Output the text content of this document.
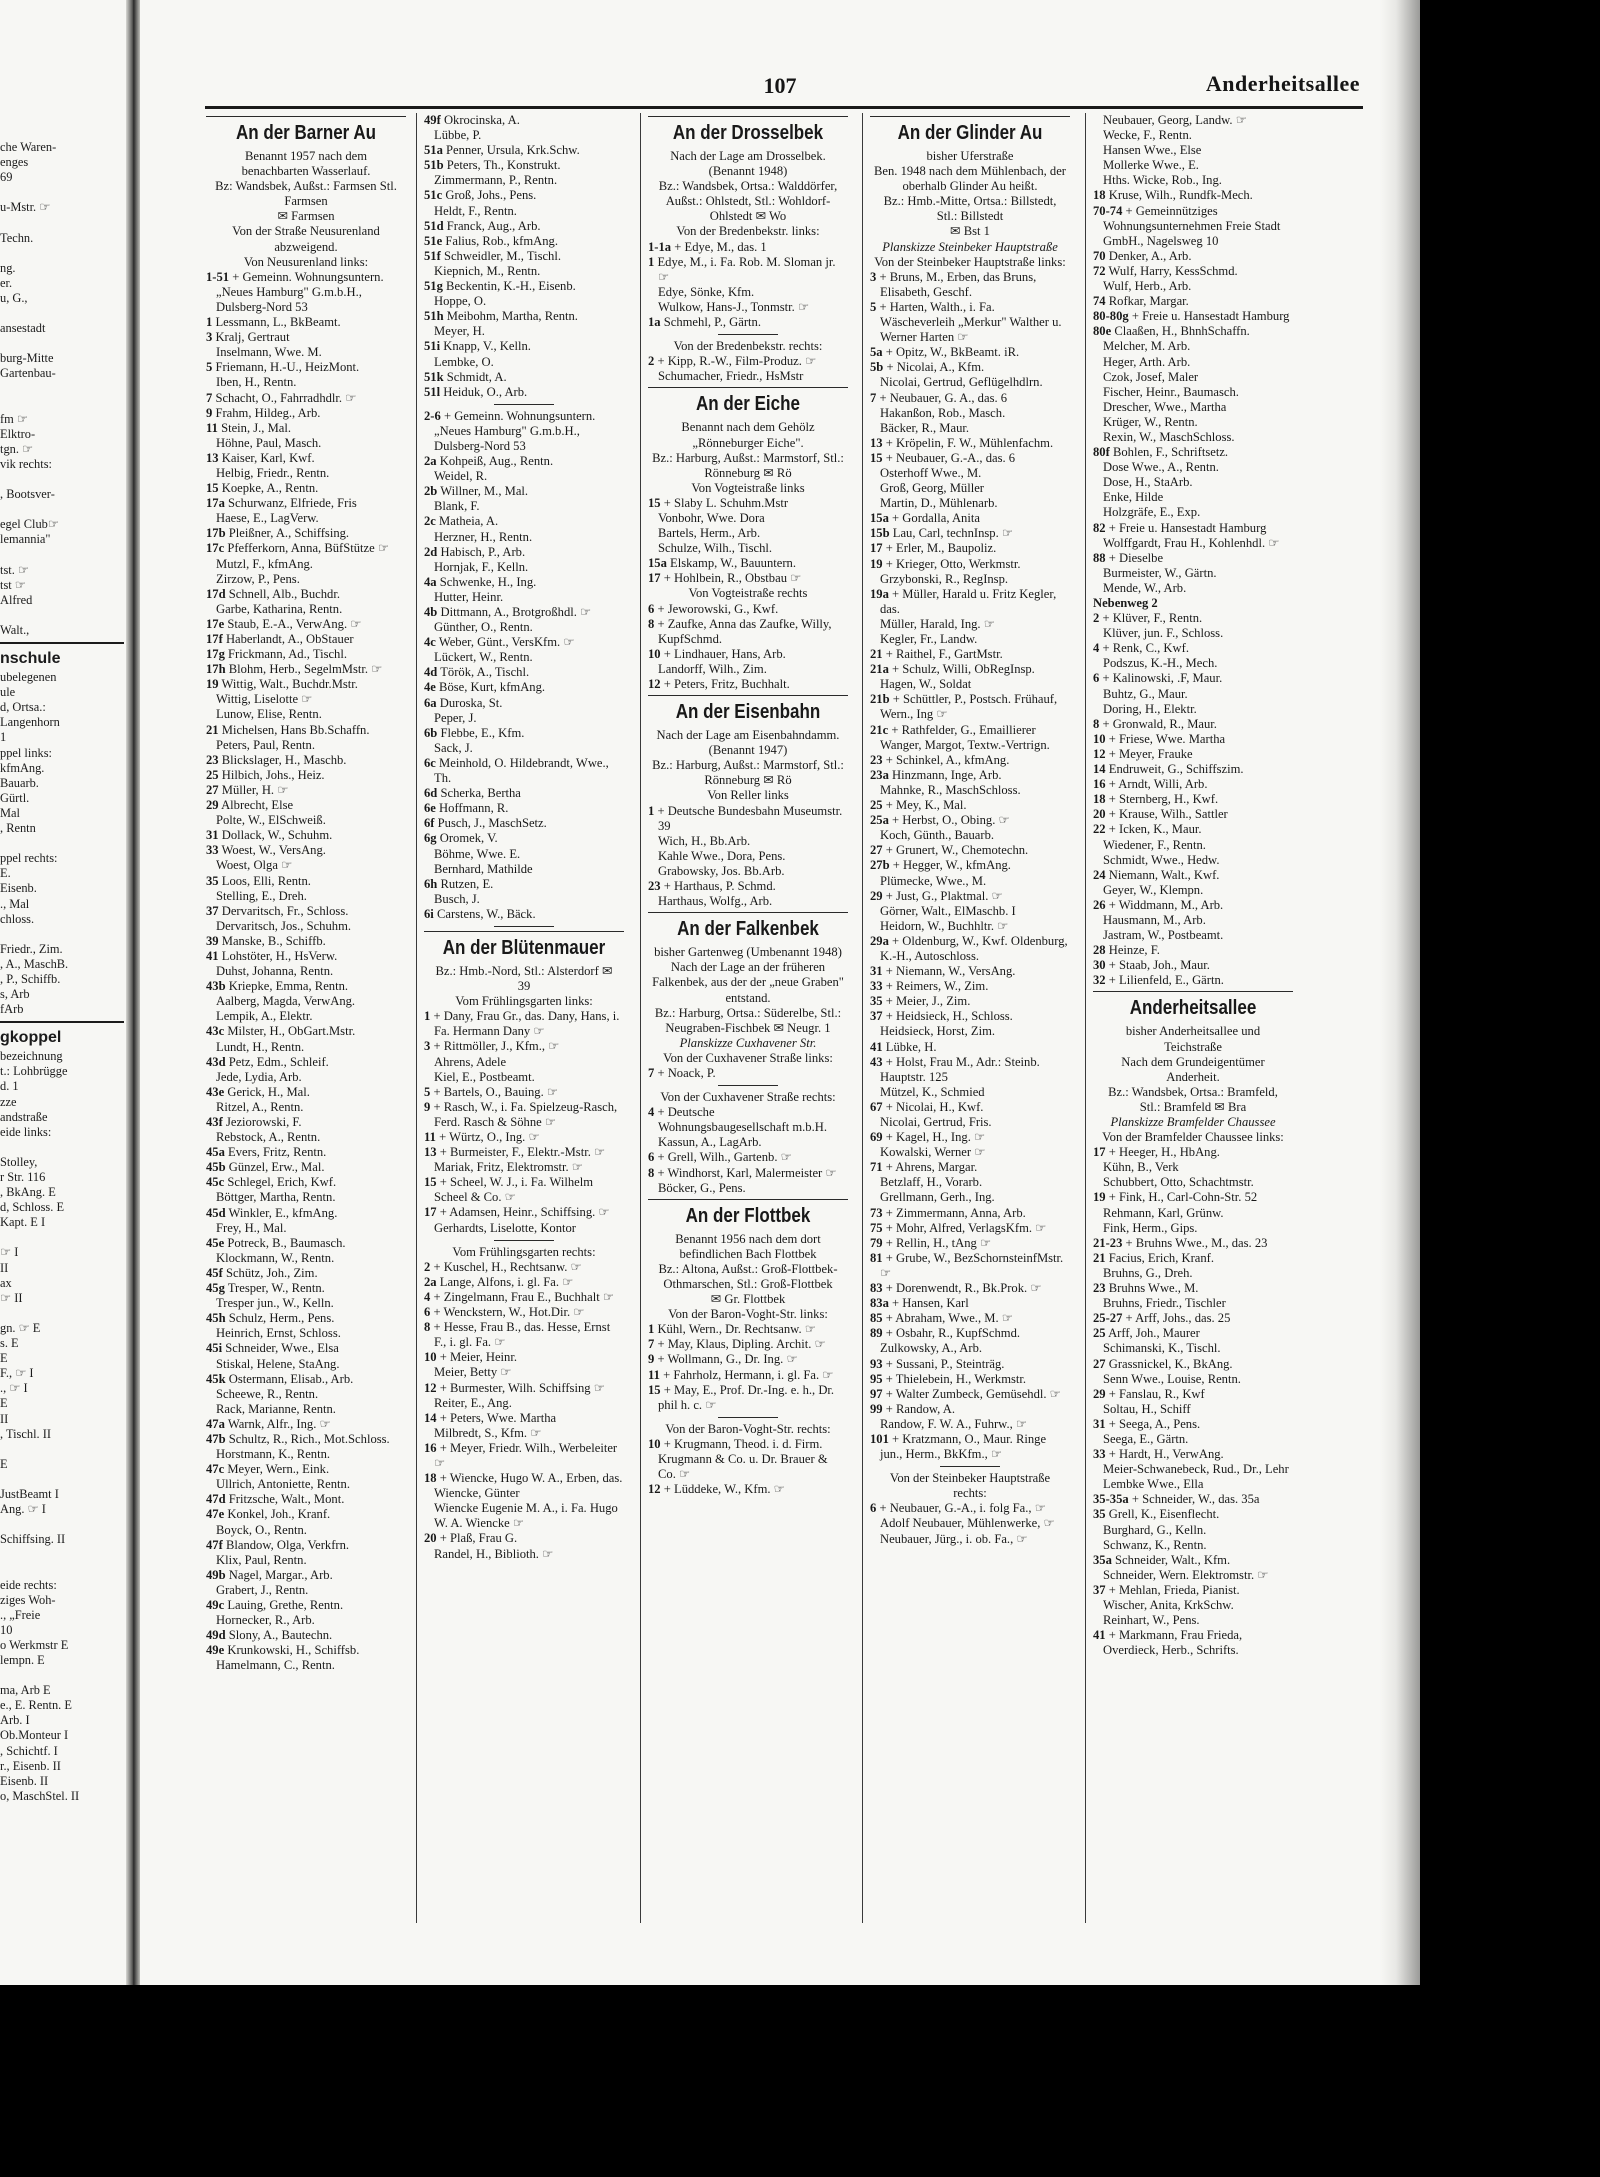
che Waren-
enges
69
u-Mstr. ☞
Techn.
ng.
er.
u, G.,
ansestadt
burg-Mitte
Gartenbau-
fm ☞
Elktro-
tgn. ☞
vik rechts:
, Bootsver-
egel Club☞
lemannia"
tst. ☞
tst ☞
Alfred
Walt.,
nschule
ubelegenen
ule
d, Ortsa.:
Langenhorn
1
ppel links:
kfmAng.
Bauarb.
Gürtl.
Mal
, Rentn
ppel rechts:
E.
Eisenb.
., Mal
chloss.
Friedr., Zim.
, A., MaschB.
, P., Schiffb.
s, Arb
fArb
gkoppel
bezeichnung
t.: Lohbrügge
d. 1
zze
andstraße
eide links:
Stolley,
r Str. 116
, BkAng. E
d, Schloss. E
Kapt. E I
☞ I
II
ax
☞ II
gn. ☞ E
s. E
E
F., ☞ I
., ☞ I
E
II
, Tischl. II
E
JustBeamt I
Ang. ☞ I
Schiffsing. II
eide rechts:
ziges Woh-
., „Freie
10
o Werkmstr E
lempn. E
ma, Arb E
e., E. Rentn. E
Arb. I
Ob.Monteur I
, Schichtf. I
r., Eisenb. II
Eisenb. II
o, MaschStel. II
107	Anderheitsallee
An der Barner Au
Benannt 1957 nach dem benachbarten Wasserlauf.
Bz: Wandsbek, Außst.: Farmsen Stl. Farmsen
✉ Farmsen
Von der Straße Neusurenland abzweigend.
Von Neusurenland links:
1-51 + Gemeinn. Wohnungsuntern. „Neues Hamburg" G.m.b.H., Dulsberg-Nord 53
1 Lessmann, L., BkBeamt.
3 Kralj, Gertraut
Inselmann, Wwe. M.
5 Friemann, H.-U., HeizMont.
Iben, H., Rentn.
7 Schacht, O., Fahrradhdlr. ☞
9 Frahm, Hildeg., Arb.
11 Stein, J., Mal.
Höhne, Paul, Masch.
13 Kaiser, Karl, Kwf.
Helbig, Friedr., Rentn.
15 Koepke, A., Rentn.
17a Schurwanz, Elfriede, Fris
Haese, E., LagVerw.
17b Pleißner, A., Schiffsing.
17c Pfefferkorn, Anna, BüfStütze ☞
Mutzl, F., kfmAng.
Zirzow, P., Pens.
17d Schnell, Alb., Buchdr.
Garbe, Katharina, Rentn.
17e Staub, E.-A., VerwAng. ☞
17f Haberlandt, A., ObStauer
17g Frickmann, Ad., Tischl.
17h Blohm, Herb., SegelmMstr. ☞
19 Wittig, Walt., Buchdr.Mstr.
Wittig, Liselotte ☞
Lunow, Elise, Rentn.
21 Michelsen, Hans Bb.Schaffn.
Peters, Paul, Rentn.
23 Blickslager, H., Maschb.
25 Hilbich, Johs., Heiz.
27 Müller, H. ☞
29 Albrecht, Else
Polte, W., ElSchweiß.
31 Dollack, W., Schuhm.
33 Woest, W., VersAng.
Woest, Olga ☞
35 Loos, Elli, Rentn.
Stelling, E., Dreh.
37 Dervaritsch, Fr., Schloss.
Dervaritsch, Jos., Schuhm.
39 Manske, B., Schiffb.
41 Lohstöter, H., HsVerw.
Duhst, Johanna, Rentn.
43b Kriepke, Emma, Rentn.
Aalberg, Magda, VerwAng.
Lempik, A., Elektr.
43c Milster, H., ObGart.Mstr.
Lundt, H., Rentn.
43d Petz, Edm., Schleif.
Jede, Lydia, Arb.
43e Gerick, H., Mal.
Ritzel, A., Rentn.
43f Jeziorowski, F.
Rebstock, A., Rentn.
45a Evers, Fritz, Rentn.
45b Günzel, Erw., Mal.
45c Schlegel, Erich, Kwf.
Böttger, Martha, Rentn.
45d Winkler, E., kfmAng.
Frey, H., Mal.
45e Potreck, B., Baumasch.
Klockmann, W., Rentn.
45f Schütz, Joh., Zim.
45g Tresper, W., Rentn.
Tresper jun., W., Kelln.
45h Schulz, Herm., Pens.
Heinrich, Ernst, Schloss.
45i Schneider, Wwe., Elsa
Stiskal, Helene, StaAng.
45k Ostermann, Elisab., Arb.
Scheewe, R., Rentn.
Rack, Marianne, Rentn.
47a Warnk, Alfr., Ing. ☞
47b Schultz, R., Rich., Mot.Schloss.
Horstmann, K., Rentn.
47c Meyer, Wern., Eink.
Ullrich, Antoniette, Rentn.
47d Fritzsche, Walt., Mont.
47e Konkel, Joh., Kranf.
Boyck, O., Rentn.
47f Blandow, Olga, Verkfrn.
Klix, Paul, Rentn.
49b Nagel, Margar., Arb.
Grabert, J., Rentn.
49c Lauing, Grethe, Rentn.
Hornecker, R., Arb.
49d Slony, A., Bautechn.
49e Krunkowski, H., Schiffsb.
Hamelmann, C., Rentn.
49f Okrocinska, A.
Lübbe, P.
51a Penner, Ursula, Krk.Schw.
51b Peters, Th., Konstrukt.
Zimmermann, P., Rentn.
51c Groß, Johs., Pens.
Heldt, F., Rentn.
51d Franck, Aug., Arb.
51e Falius, Rob., kfmAng.
51f Schweidler, M., Tischl.
Kiepnich, M., Rentn.
51g Beckentin, K.-H., Eisenb.
Hoppe, O.
51h Meibohm, Martha, Rentn.
Meyer, H.
51i Knapp, V., Kelln.
Lembke, O.
51k Schmidt, A.
51l Heiduk, O., Arb.
2-6 + Gemeinn. Wohnungsuntern. „Neues Hamburg" G.m.b.H., Dulsberg-Nord 53
2a Kohpeiß, Aug., Rentn.
Weidel, R.
2b Willner, M., Mal.
Blank, F.
2c Matheia, A.
Herzner, H., Rentn.
2d Habisch, P., Arb.
Hornjak, F., Kelln.
4a Schwenke, H., Ing.
Hutter, Heinr.
4b Dittmann, A., Brotgroßhdl. ☞
Günther, O., Rentn.
4c Weber, Günt., VersKfm. ☞
Lückert, W., Rentn.
4d Török, A., Tischl.
4e Böse, Kurt, kfmAng.
6a Duroska, St.
Peper, J.
6b Flebbe, E., Kfm.
Sack, J.
6c Meinhold, O. Hildebrandt, Wwe., Th.
6d Scherka, Bertha
6e Hoffmann, R.
6f Pusch, J., MaschSetz.
6g Oromek, V.
Böhme, Wwe. E.
Bernhard, Mathilde
6h Rutzen, E.
Busch, J.
6i Carstens, W., Bäck.
An der Blütenmauer
Bz.: Hmb.-Nord, Stl.: Alsterdorf ✉ 39
Vom Frühlingsgarten links:
1 + Dany, Frau Gr., das. Dany, Hans, i. Fa. Hermann Dany ☞
3 + Rittmöller, J., Kfm., ☞
Ahrens, Adele
Kiel, E., Postbeamt.
5 + Bartels, O., Bauing. ☞
9 + Rasch, W., i. Fa. Spielzeug-Rasch, Ferd. Rasch & Söhne ☞
11 + Würtz, O., Ing. ☞
13 + Burmeister, F., Elektr.-Mstr. ☞
Mariak, Fritz, Elektromstr. ☞
15 + Scheel, W. J., i. Fa. Wilhelm Scheel & Co. ☞
17 + Adamsen, Heinr., Schiffsing. ☞
Gerhardts, Liselotte, Kontor
Vom Frühlingsgarten rechts:
2 + Kuschel, H., Rechtsanw. ☞
2a Lange, Alfons, i. gl. Fa. ☞
4 + Zingelmann, Frau E., Buchhalt ☞
6 + Wenckstern, W., Hot.Dir. ☞
8 + Hesse, Frau B., das. Hesse, Ernst F., i. gl. Fa. ☞
10 + Meier, Heinr.
Meier, Betty ☞
12 + Burmester, Wilh. Schiffsing ☞
Reiter, E., Ang.
14 + Peters, Wwe. Martha
Milbredt, S., Kfm. ☞
16 + Meyer, Friedr. Wilh., Werbeleiter ☞
18 + Wiencke, Hugo W. A., Erben, das.
Wiencke, Günter
Wiencke Eugenie M. A., i. Fa. Hugo W. A. Wiencke ☞
20 + Plaß, Frau G.
Randel, H., Biblioth. ☞
An der Drosselbek
Nach der Lage am Drosselbek. (Benannt 1948)
Bz.: Wandsbek, Ortsa.: Walddörfer, Außst.: Ohlstedt, Stl.: Wohldorf-Ohlstedt ✉ Wo
Von der Bredenbekstr. links:
1-1a + Edye, M., das. 1
1 Edye, M., i. Fa. Rob. M. Sloman jr. ☞
Edye, Sönke, Kfm.
Wulkow, Hans-J., Tonmstr. ☞
1a Schmehl, P., Gärtn.
Von der Bredenbekstr. rechts:
2 + Kipp, R.-W., Film-Produz. ☞
Schumacher, Friedr., HsMstr
An der Eiche
Benannt nach dem Gehölz „Rönneburger Eiche".
Bz.: Harburg, Außst.: Marmstorf, Stl.: Rönneburg ✉ Rö
Von Vogteistraße links
15 + Slaby L. Schuhm.Mstr
Vonbohr, Wwe. Dora
Bartels, Herm., Arb.
Schulze, Wilh., Tischl.
15a Elskamp, W., Bauuntern.
17 + Hohlbein, R., Obstbau ☞
Von Vogteistraße rechts
6 + Jeworowski, G., Kwf.
8 + Zaufke, Anna das Zaufke, Willy, KupfSchmd.
10 + Lindhauer, Hans, Arb.
Landorff, Wilh., Zim.
12 + Peters, Fritz, Buchhalt.
An der Eisenbahn
Nach der Lage am Eisenbahndamm. (Benannt 1947)
Bz.: Harburg, Außst.: Marmstorf, Stl.: Rönneburg ✉ Rö
Von Reller links
1 + Deutsche Bundesbahn Museumstr. 39
Wich, H., Bb.Arb.
Kahle Wwe., Dora, Pens.
Grabowsky, Jos. Bb.Arb.
23 + Harthaus, P. Schmd.
Harthaus, Wolfg., Arb.
An der Falkenbek
bisher Gartenweg (Umbenannt 1948)
Nach der Lage an der früheren Falkenbek, aus der der „neue Graben" entstand.
Bz.: Harburg, Ortsa.: Süderelbe, Stl.: Neugraben-Fischbek ✉ Neugr. 1
Planskizze Cuxhavener Str.
Von der Cuxhavener Straße links:
7 + Noack, P.
Von der Cuxhavener Straße rechts:
4 + Deutsche Wohnungsbaugesellschaft m.b.H.
Kassun, A., LagArb.
6 + Grell, Wilh., Gartenb. ☞
8 + Windhorst, Karl, Malermeister ☞
Böcker, G., Pens.
An der Flottbek
Benannt 1956 nach dem dort befindlichen Bach Flottbek
Bz.: Altona, Außst.: Groß-Flottbek-Othmarschen, Stl.: Groß-Flottbek
✉ Gr. Flottbek
Von der Baron-Voght-Str. links:
1 Kühl, Wern., Dr. Rechtsanw. ☞
7 + May, Klaus, Dipling. Archit. ☞
9 + Wollmann, G., Dr. Ing. ☞
11 + Fahrholz, Hermann, i. gl. Fa. ☞
15 + May, E., Prof. Dr.-Ing. e. h., Dr. phil h. c. ☞
Von der Baron-Voght-Str. rechts:
10 + Krugmann, Theod. i. d. Firm. Krugmann & Co. u. Dr. Brauer & Co. ☞
12 + Lüddeke, W., Kfm. ☞
An der Glinder Au
bisher Uferstraße
Ben. 1948 nach dem Mühlenbach, der oberhalb Glinder Au heißt.
Bz.: Hmb.-Mitte, Ortsa.: Billstedt, Stl.: Billstedt
✉ Bst 1
Planskizze Steinbeker Hauptstraße
Von der Steinbeker Hauptstraße links:
3 + Bruns, M., Erben, das Bruns, Elisabeth, Geschf.
5 + Harten, Walth., i. Fa. Wäscheverleih „Merkur" Walther u. Werner Harten ☞
5a + Opitz, W., BkBeamt. iR.
5b + Nicolai, A., Kfm.
Nicolai, Gertrud, Geflügelhdlrn.
7 + Neubauer, G. A., das. 6
Hakanßon, Rob., Masch.
Bäcker, R., Maur.
13 + Kröpelin, F. W., Mühlenfachm.
15 + Neubauer, G.-A., das. 6
Osterhoff Wwe., M.
Groß, Georg, Müller
Martin, D., Mühlenarb.
15a + Gordalla, Anita
15b Lau, Carl, technInsp. ☞
17 + Erler, M., Baupoliz.
19 + Krieger, Otto, Werkmstr.
Grzybonski, R., RegInsp.
19a + Müller, Harald u. Fritz Kegler, das.
Müller, Harald, Ing. ☞
Kegler, Fr., Landw.
21 + Raithel, F., GartMstr.
21a + Schulz, Willi, ObRegInsp.
Hagen, W., Soldat
21b + Schüttler, P., Postsch. Frühauf, Wern., Ing ☞
21c + Rathfelder, G., Emaillierer
Wanger, Margot, Textw.-Vertrign.
23 + Schinkel, A., kfmAng.
23a Hinzmann, Inge, Arb.
Mahnke, R., MaschSchloss.
25 + Mey, K., Mal.
25a + Herbst, O., Obing. ☞
Koch, Günth., Bauarb.
27 + Grunert, W., Chemotechn.
27b + Hegger, W., kfmAng.
Plümecke, Wwe., M.
29 + Just, G., Plaktmal. ☞
Görner, Walt., ElMaschb. I
Heidorn, W., Buchhltr. ☞
29a + Oldenburg, W., Kwf. Oldenburg, K.-H., Autoschloss.
31 + Niemann, W., VersAng.
33 + Reimers, W., Zim.
35 + Meier, J., Zim.
37 + Heidsieck, H., Schloss.
Heidsieck, Horst, Zim.
41 Lübke, H.
43 + Holst, Frau M., Adr.: Steinb. Hauptstr. 125
Mützel, K., Schmied
67 + Nicolai, H., Kwf.
Nicolai, Gertrud, Fris.
69 + Kagel, H., Ing. ☞
Kowalski, Werner ☞
71 + Ahrens, Margar.
Betzlaff, H., Vorarb.
Grellmann, Gerh., Ing.
73 + Zimmermann, Anna, Arb.
75 + Mohr, Alfred, VerlagsKfm. ☞
79 + Rellin, H., tAng ☞
81 + Grube, W., BezSchornsteinfMstr. ☞
83 + Dorenwendt, R., Bk.Prok. ☞
83a + Hansen, Karl
85 + Abraham, Wwe., M. ☞
89 + Osbahr, R., KupfSchmd.
Zulkowsky, A., Arb.
93 + Sussani, P., Steinträg.
95 + Thielebein, H., Werkmstr.
97 + Walter Zumbeck, Gemüsehdl. ☞
99 + Randow, A.
Randow, F. W. A., Fuhrw., ☞
101 + Kratzmann, O., Maur. Ringe jun., Herm., BkKfm., ☞
Von der Steinbeker Hauptstraße rechts:
6 + Neubauer, G.-A., i. folg Fa., ☞
Adolf Neubauer, Mühlenwerke, ☞
Neubauer, Jürg., i. ob. Fa., ☞
Neubauer, Georg, Landw. ☞
Wecke, F., Rentn.
Hansen Wwe., Else
Mollerke Wwe., E.
Hths. Wicke, Rob., Ing.
18 Kruse, Wilh., Rundfk-Mech.
70-74 + Gemeinnütziges Wohnungsunternehmen Freie Stadt GmbH., Nagelsweg 10
70 Denker, A., Arb.
72 Wulf, Harry, KessSchmd.
Wulf, Herb., Arb.
74 Rofkar, Margar.
80-80g + Freie u. Hansestadt Hamburg
80e Claaßen, H., BhnhSchaffn.
Melcher, M. Arb.
Heger, Arth. Arb.
Czok, Josef, Maler
Fischer, Heinr., Baumasch.
Drescher, Wwe., Martha
Krüger, W., Rentn.
Rexin, W., MaschSchloss.
80f Bohlen, F., Schriftsetz.
Dose Wwe., A., Rentn.
Dose, H., StaArb.
Enke, Hilde
Holzgräfe, E., Exp.
82 + Freie u. Hansestadt Hamburg
Wolffgardt, Frau H., Kohlenhdl. ☞
88 + Dieselbe
Burmeister, W., Gärtn.
Mende, W., Arb.
Nebenweg 2
2 + Klüver, F., Rentn.
Klüver, jun. F., Schloss.
4 + Renk, C., Kwf.
Podszus, K.-H., Mech.
6 + Kalinowski, .F, Maur.
Buhtz, G., Maur.
Doring, H., Elektr.
8 + Gronwald, R., Maur.
10 + Friese, Wwe. Martha
12 + Meyer, Frauke
14 Endruweit, G., Schiffszim.
16 + Arndt, Willi, Arb.
18 + Sternberg, H., Kwf.
20 + Krause, Wilh., Sattler
22 + Icken, K., Maur.
Wiedener, F., Rentn.
Schmidt, Wwe., Hedw.
24 Niemann, Walt., Kwf.
Geyer, W., Klempn.
26 + Widdmann, M., Arb.
Hausmann, M., Arb.
Jastram, W., Postbeamt.
28 Heinze, F.
30 + Staab, Joh., Maur.
32 + Lilienfeld, E., Gärtn.
Anderheitsallee
bisher Anderheitsallee und Teichstraße
Nach dem Grundeigentümer Anderheit.
Bz.: Wandsbek, Ortsa.: Bramfeld, Stl.: Bramfeld ✉ Bra
Planskizze Bramfelder Chaussee
Von der Bramfelder Chaussee links:
17 + Heeger, H., HbAng.
Kühn, B., Verk
Schubbert, Otto, Schachtmstr.
19 + Fink, H., Carl-Cohn-Str. 52
Rehmann, Karl, Grünw.
Fink, Herm., Gips.
21-23 + Bruhns Wwe., M., das. 23
21 Facius, Erich, Kranf.
Bruhns, G., Dreh.
23 Bruhns Wwe., M.
Bruhns, Friedr., Tischler
25-27 + Arff, Johs., das. 25
25 Arff, Joh., Maurer
Schimanski, K., Tischl.
27 Grassnickel, K., BkAng.
Senn Wwe., Louise, Rentn.
29 + Fanslau, R., Kwf
Soltau, H., Schiff
31 + Seega, A., Pens.
Seega, E., Gärtn.
33 + Hardt, H., VerwAng.
Meier-Schwanebeck, Rud., Dr., Lehr
Lembke Wwe., Ella
35-35a + Schneider, W., das. 35a
35 Grell, K., Eisenflecht.
Burghard, G., Kelln.
Schwanz, K., Rentn.
35a Schneider, Walt., Kfm.
Schneider, Wern. Elektromstr. ☞
37 + Mehlan, Frieda, Pianist.
Wischer, Anita, KrkSchw.
Reinhart, W., Pens.
41 + Markmann, Frau Frieda, Overdieck, Herb., Schrifts.
